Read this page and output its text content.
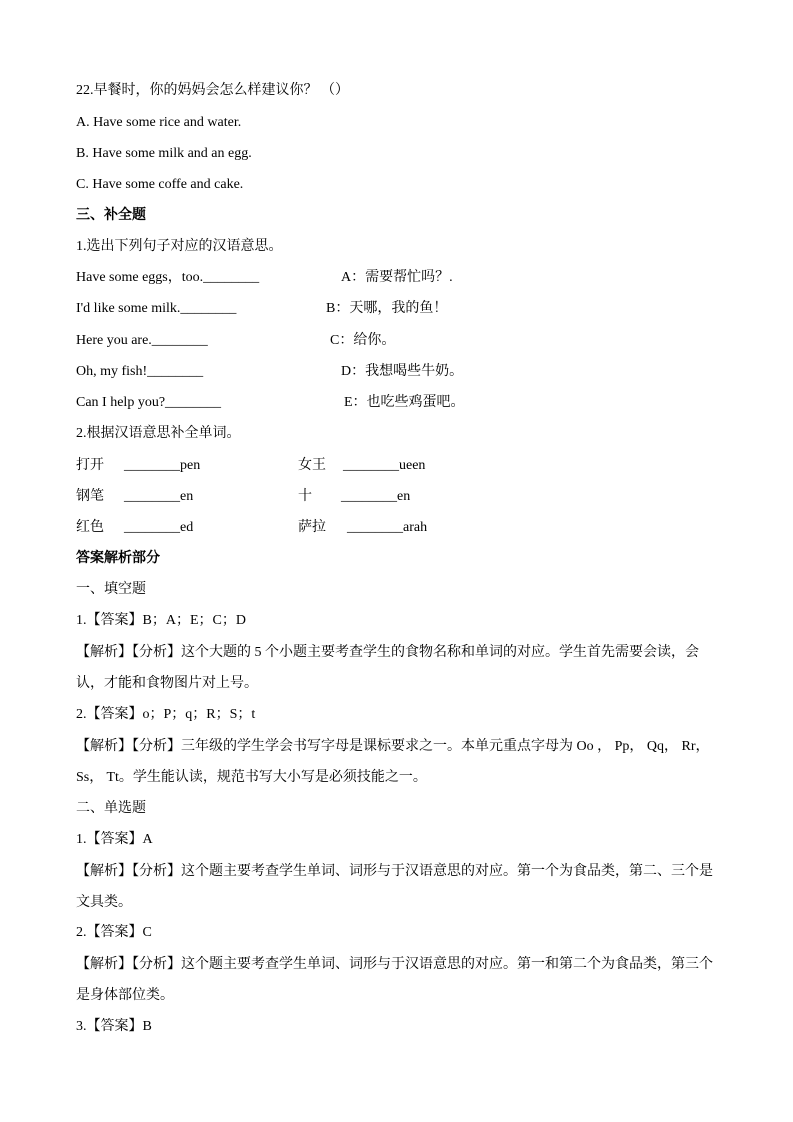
22.早餐时，你的妈妈会怎么样建议你？ （）
A. Have some rice and water.
B. Have some milk and an egg.
C. Have some coffe and cake.
三、补全题
1.选出下列句子对应的汉语意思。
Have some eggs，too.________	A：需要帮忙吗？.
I'd like some milk.________	B：天哪，我的鱼！
Here you are.________	C：给你。
Oh, my fish!________	D：我想喝些牛奶。
Can I help you?________	E：也吃些鸡蛋吧。
2.根据汉语意思补全单词。
打开 ________pen	女王 ________ueen
钢笔 ________en	十 ________en
红色 ________ed	萨拉 ________arah
答案解析部分
一、填空题
1.【答案】B；A；E；C；D

【解析】【分析】这个大题的 5 个小题主要考查学生的食物名称和单词的对应。学生首先需要会读，会认，才能和食物图片对上号。

2.【答案】o；P；q；R；S；t

【解析】【分析】三年级的学生学会书写字母是课标要求之一。本单元重点字母为 Oo ， Pp， Qq， Rr， Ss， Tt。学生能认读，规范书写大小写是必须技能之一。

二、单选题
1.【答案】A

【解析】【分析】这个题主要考查学生单词、词形与于汉语意思的对应。第一个为食品类，第二、三个是文具类。

2.【答案】C

【解析】【分析】这个题主要考查学生单词、词形与于汉语意思的对应。第一和第二个为食品类，第三个是身体部位类。

3.【答案】B
